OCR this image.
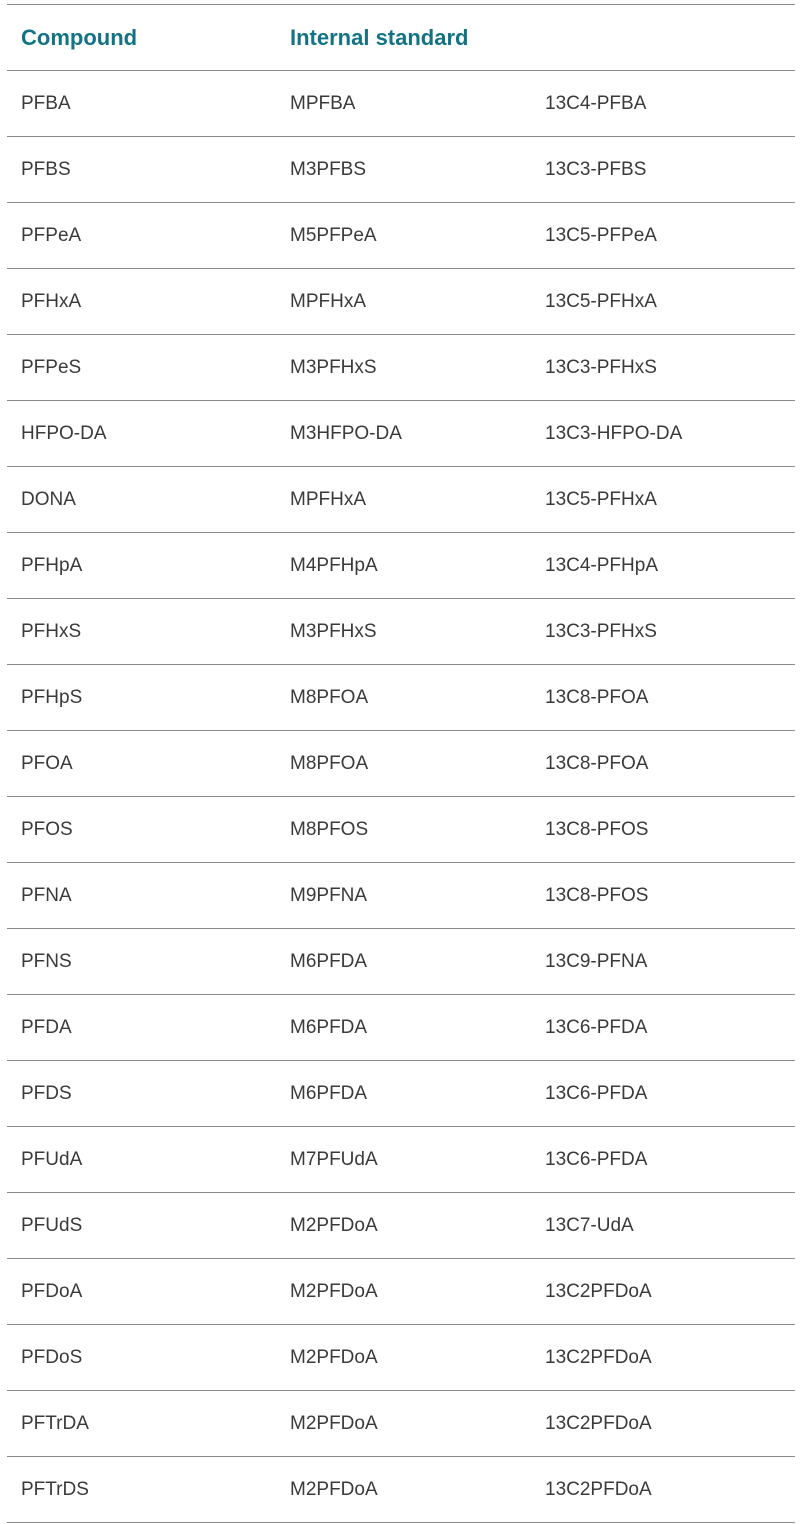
Compound	Internal standard	
PFBA	MPFBA	13C4-PFBA
PFBS	M3PFBS	13C3-PFBS
PFPeA	M5PFPeA	13C5-PFPeA
PFHxA	MPFHxA	13C5-PFHxA
PFPeS	M3PFHxS	13C3-PFHxS
HFPO-DA	M3HFPO-DA	13C3-HFPO-DA
DONA	MPFHxA	13C5-PFHxA
PFHpA	M4PFHpA	13C4-PFHpA
PFHxS	M3PFHxS	13C3-PFHxS
PFHpS	M8PFOA	13C8-PFOA
PFOA	M8PFOA	13C8-PFOA
PFOS	M8PFOS	13C8-PFOS
PFNA	M9PFNA	13C8-PFOS
PFNS	M6PFDA	13C9-PFNA
PFDA	M6PFDA	13C6-PFDA
PFDS	M6PFDA	13C6-PFDA
PFUdA	M7PFUdA	13C6-PFDA
PFUdS	M2PFDoA	13C7-UdA
PFDoA	M2PFDoA	13C2PFDoA
PFDoS	M2PFDoA	13C2PFDoA
PFTrDA	M2PFDoA	13C2PFDoA
PFTrDS	M2PFDoA	13C2PFDoA
